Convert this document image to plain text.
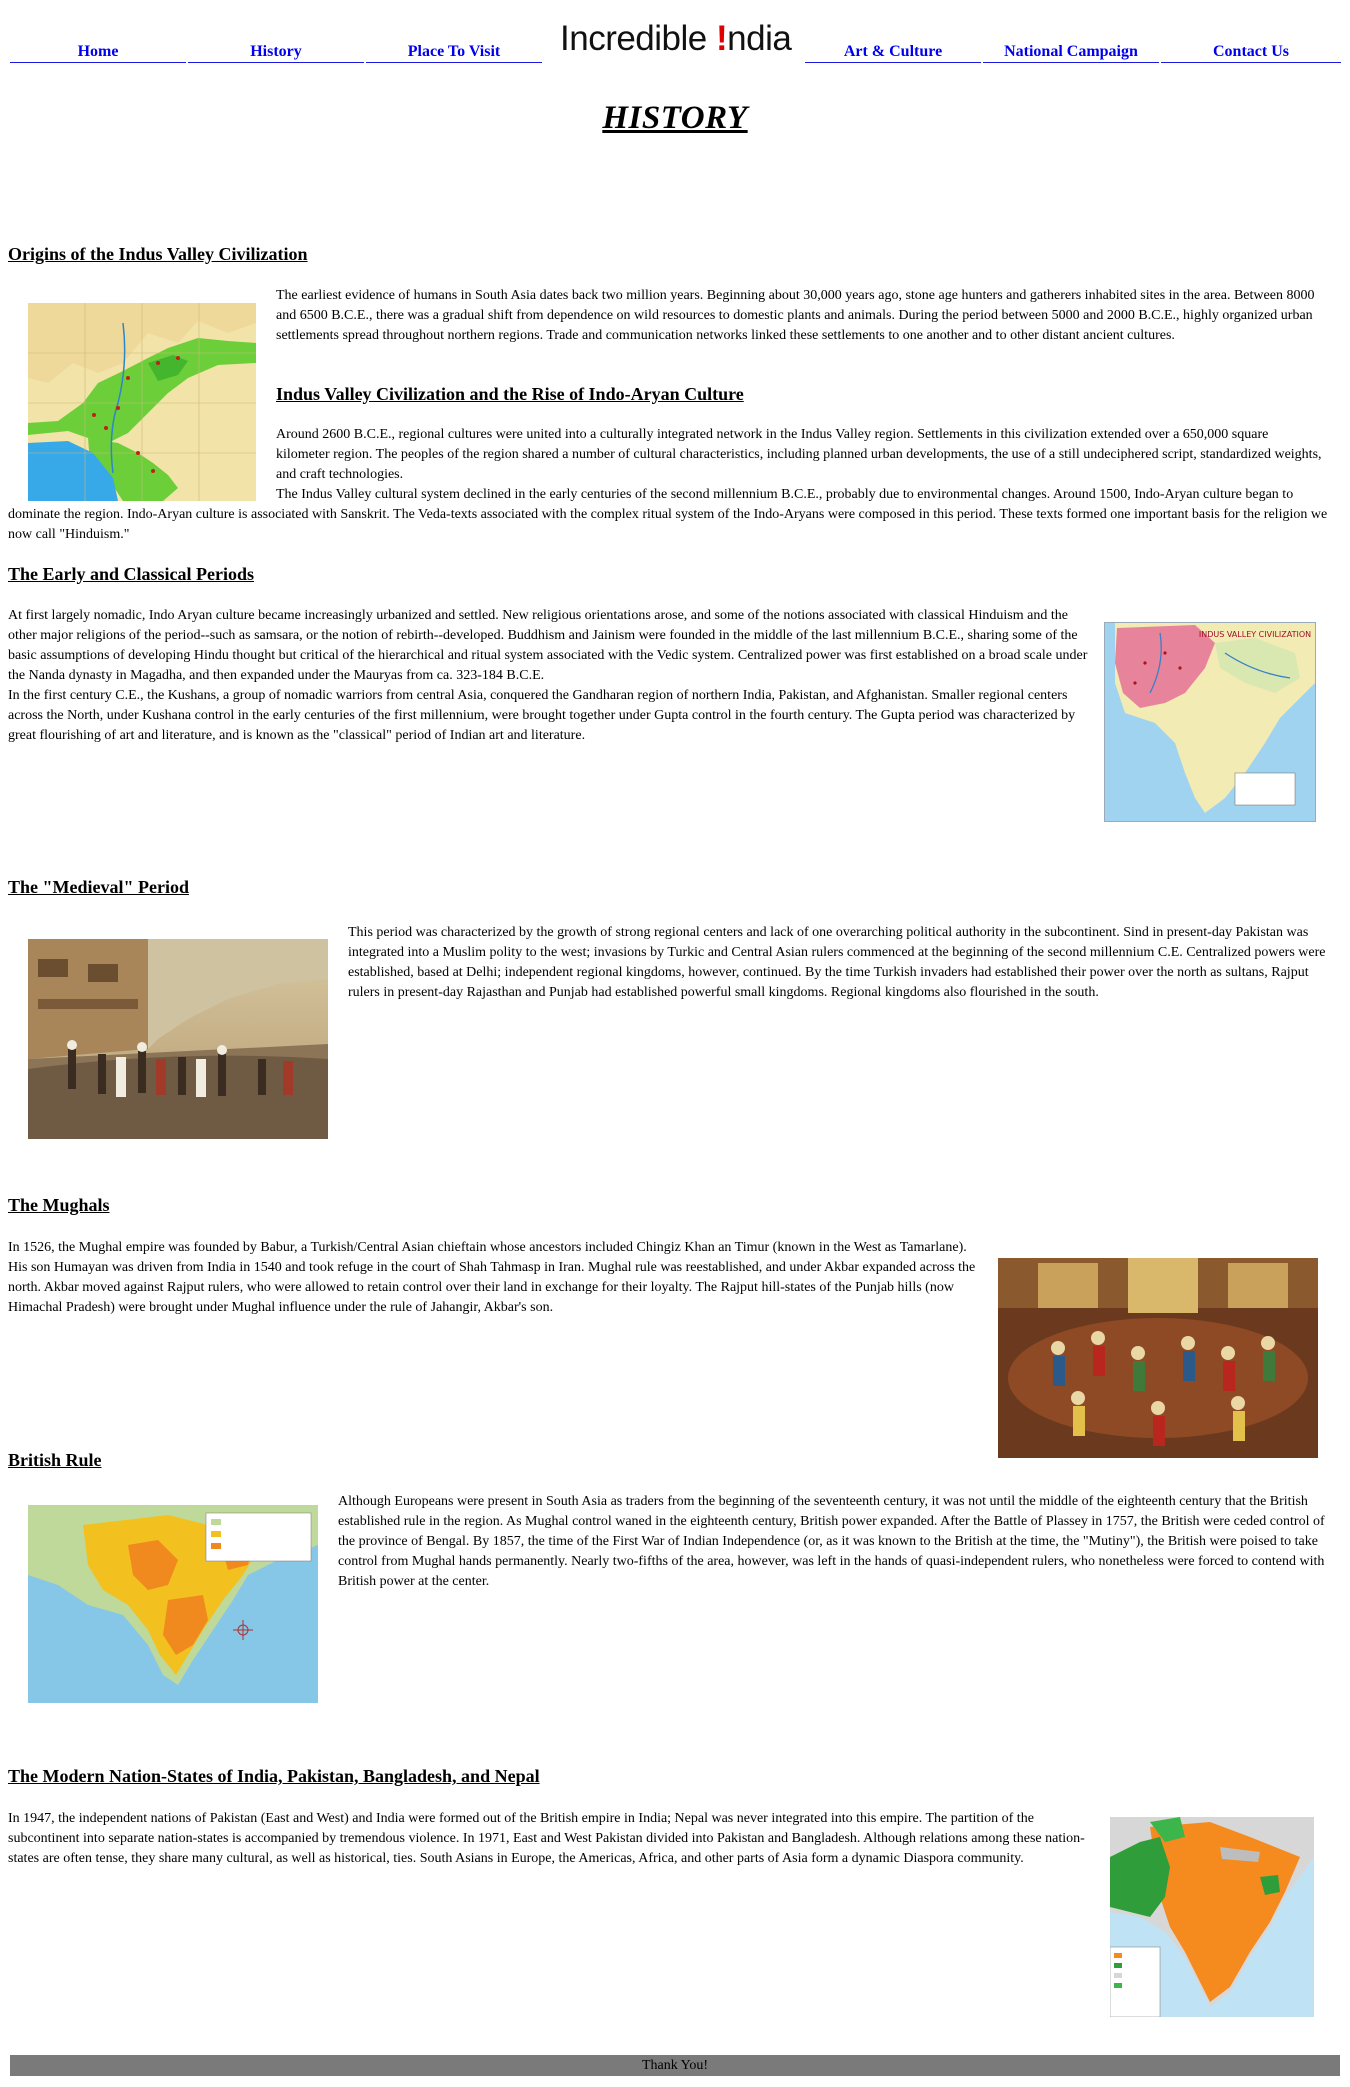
Home	History	Place To Visit	Incredible !ndia	Art & Culture	National Campaign	Contact Us
HISTORY
Origins of the Indus Valley Civilization

The earliest evidence of humans in South Asia dates back two million years. Beginning about 30,000 years ago, stone age hunters and gatherers inhabited sites in the area. Between 8000 and 6500 B.C.E., there was a gradual shift from dependence on wild resources to domestic plants and animals. During the period between 5000 and 2000 B.C.E., highly organized urban settlements spread throughout northern regions. Trade and communication networks linked these settlements to one another and to other distant ancient cultures.

Indus Valley Civilization and the Rise of Indo-Aryan Culture

Around 2600 B.C.E., regional cultures were united into a culturally integrated network in the Indus Valley region. Settlements in this civilization extended over a 650,000 square kilometer region. The peoples of the region shared a number of cultural characteristics, including planned urban developments, the use of a still undeciphered script, standardized weights, and craft technologies.

The Indus Valley cultural system declined in the early centuries of the second millennium B.C.E., probably due to environmental changes. Around 1500, Indo-Aryan culture began to dominate the region. Indo-Aryan culture is associated with Sanskrit. The Veda-texts associated with the complex ritual system of the Indo-Aryans were composed in this period. These texts formed one important basis for the religion we now call "Hinduism."

The Early and Classical Periods

At first largely nomadic, Indo Aryan culture became increasingly urbanized and settled. New religious orientations arose, and some of the notions associated with classical Hinduism and the other major religions of the period--such as samsara, or the notion of rebirth--developed. Buddhism and Jainism were founded in the middle of the last millennium B.C.E., sharing some of the basic assumptions of developing Hindu thought but critical of the hierarchical and ritual system associated with the Vedic system. Centralized power was first established on a broad scale under the Nanda dynasty in Magadha, and then expanded under the Mauryas from ca. 323-184 B.C.E.

In the first century C.E., the Kushans, a group of nomadic warriors from central Asia, conquered the Gandharan region of northern India, Pakistan, and Afghanistan. Smaller regional centers across the North, under Kushana control in the early centuries of the first millennium, were brought together under Gupta control in the fourth century. The Gupta period was characterized by great flourishing of art and literature, and is known as the "classical" period of Indian art and literature.

INDUS VALLEY CIVILIZATION
The "Medieval" Period

This period was characterized by the growth of strong regional centers and lack of one overarching political authority in the subcontinent. Sind in present-day Pakistan was integrated into a Muslim polity to the west; invasions by Turkic and Central Asian rulers commenced at the beginning of the second millennium C.E. Centralized powers were established, based at Delhi; independent regional kingdoms, however, continued. By the time Turkish invaders had established their power over the north as sultans, Rajput rulers in present-day Rajasthan and Punjab had established powerful small kingdoms. Regional kingdoms also flourished in the south.

The Mughals

In 1526, the Mughal empire was founded by Babur, a Turkish/Central Asian chieftain whose ancestors included Chingiz Khan an Timur (known in the West as Tamarlane). His son Humayan was driven from India in 1540 and took refuge in the court of Shah Tahmasp in Iran. Mughal rule was reestablished, and under Akbar expanded across the north. Akbar moved against Rajput rulers, who were allowed to retain control over their land in exchange for their loyalty. The Rajput hill-states of the Punjab hills (now Himachal Pradesh) were brought under Mughal influence under the rule of Jahangir, Akbar's son.

British Rule

Although Europeans were present in South Asia as traders from the beginning of the seventeenth century, it was not until the middle of the eighteenth century that the British established rule in the region. As Mughal control waned in the eighteenth century, British power expanded. After the Battle of Plassey in 1757, the British were ceded control of the province of Bengal. By 1857, the time of the First War of Indian Independence (or, as it was known to the British at the time, the "Mutiny"), the British were poised to take control from Mughal hands permanently. Nearly two-fifths of the area, however, was left in the hands of quasi-independent rulers, who nonetheless were forced to contend with British power at the center.

The Modern Nation-States of India, Pakistan, Bangladesh, and Nepal

In 1947, the independent nations of Pakistan (East and West) and India were formed out of the British empire in India; Nepal was never integrated into this empire. The partition of the subcontinent into separate nation-states is accompanied by tremendous violence. In 1971, East and West Pakistan divided into Pakistan and Bangladesh. Although relations among these nation-states are often tense, they share many cultural, as well as historical, ties. South Asians in Europe, the Americas, Africa, and other parts of Asia form a dynamic Diaspora community.

Thank You!
